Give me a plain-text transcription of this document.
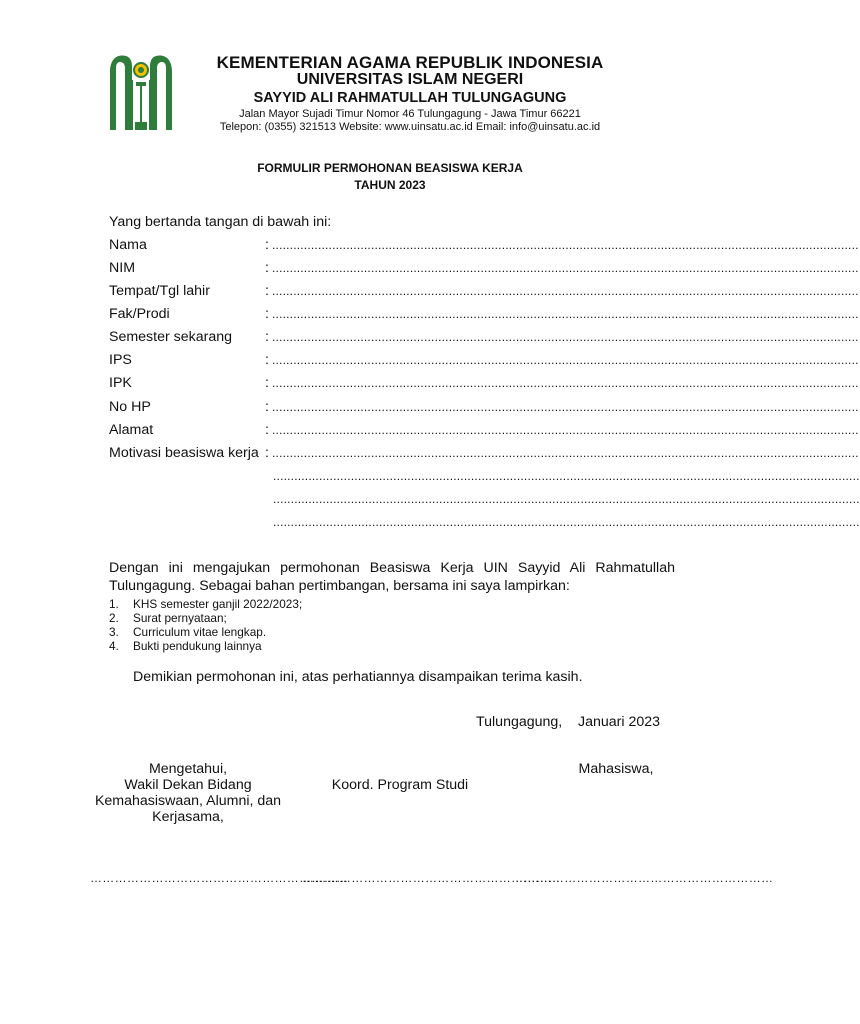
KEMENTERIAN AGAMA REPUBLIK INDONESIA
UNIVERSITAS ISLAM NEGERI
SAYYID ALI RAHMATULLAH TULUNGAGUNG
Jalan Mayor Sujadi Timur Nomor 46 Tulungagung - Jawa Timur 66221
Telepon: (0355) 321513 Website: www.uinsatu.ac.id Email: info@uinsatu.ac.id
FORMULIR PERMOHONAN BEASISWA KERJA
TAHUN 2023
Yang bertanda tangan di bawah ini:
Nama	: ......................................................................................................................................................................
NIM	: ......................................................................................................................................................................
Tempat/Tgl lahir	: ......................................................................................................................................................................
Fak/Prodi	: ......................................................................................................................................................................
Semester sekarang : ......................................................................................................................................................................
IPS	: ......................................................................................................................................................................
IPK	: ......................................................................................................................................................................
No HP	: ......................................................................................................................................................................
Alamat	: ......................................................................................................................................................................
Motivasi beasiswa kerja : ......................................................................................................................................................................
......................................................................................................................................................................
......................................................................................................................................................................
......................................................................................................................................................................
Dengan ini mengajukan permohonan Beasiswa Kerja UIN Sayyid Ali Rahmatullah
Tulungagung. Sebagai bahan pertimbangan, bersama ini saya lampirkan:
1. KHS semester ganjil 2022/2023;
2. Surat pernyataan;
3. Curriculum vitae lengkap.
4. Bukti pendukung lainnya
Demikian permohonan ini, atas perhatiannya disampaikan terima kasih.
Tulungagung,    Januari 2023
Mengetahui,
Wakil Dekan Bidang
Kemahasiswaan, Alumni, dan
Kerjasama,
Koord. Program Studi
Mahasiswa,
………………………………………………………
………………………………………………………
………………………………………………………
